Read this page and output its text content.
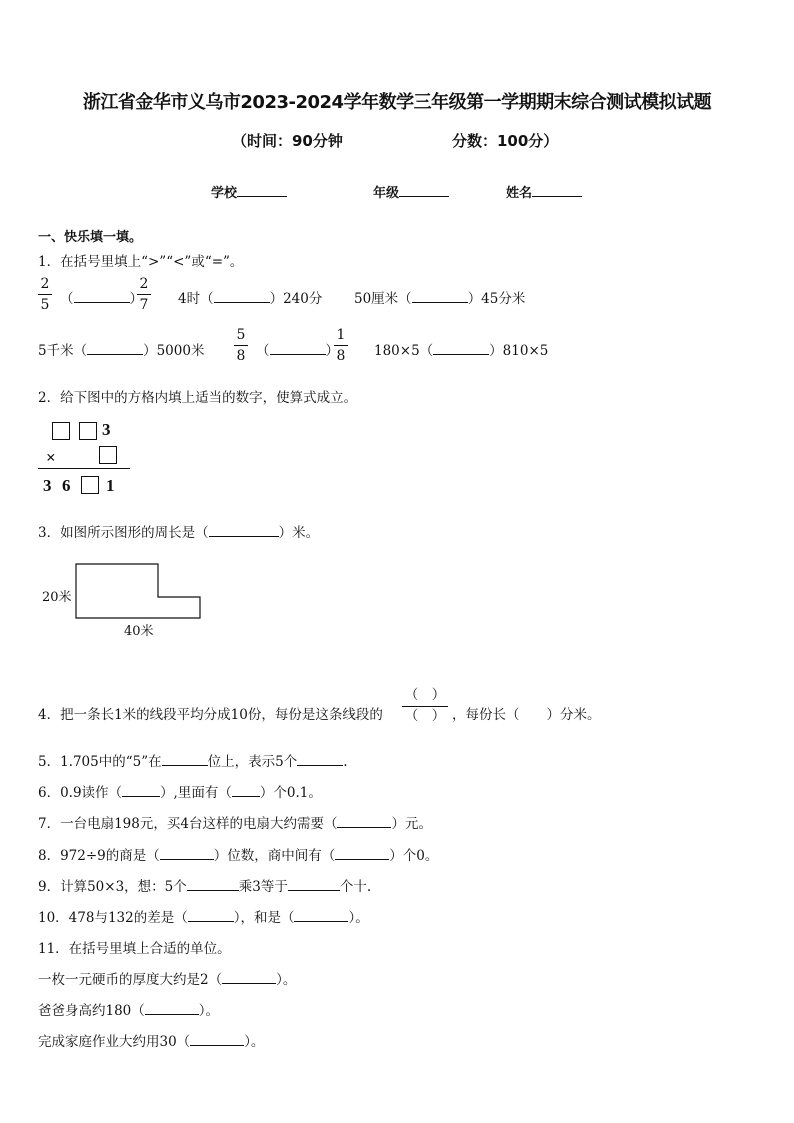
浙江省金华市义乌市2023-2024学年数学三年级第一学期期末综合测试模拟试题
（时间：90分钟	分数：100分）
学校	年级	姓名
一、快乐填一填。
1．在括号里填上“>”“<”或“=”。
$\frac{2}{5}$ （	）
$\frac{2}{7} 4$时（	）240分 50厘米（	）45分米
5千米（	）5000米 $\frac{5}{8}$ （	）
$\frac{1}{8} 180\times 5$（	）810×5
2．给下图中的方格内填上适当的数字，使算式成立。
3
×
3 6 1
3．如图所示图形的周长是（	）米。
20米
40米
4．把一条长1米的线段平均分成10份，每份是这条线段的
（　）
（　） ，每份长（　　）分米。
5．1.705中的“5”在	位上，表示5个	.
6．0.9读作（	）,里面有（ ）个0.1。
7．一台电扇198元，买4台这样的电扇大约需要（	）元。
8．972÷9的商是（	）位数，商中间有（	）个0。
9．计算50×3，想：5个	乘3等于	个十.
10．478与132的差是（	），和是（	）。
11．在括号里填上合适的单位。
一枚一元硬币的厚度大约是2（	）。
爸爸身高约180（	）。
完成家庭作业大约用30（	）。
